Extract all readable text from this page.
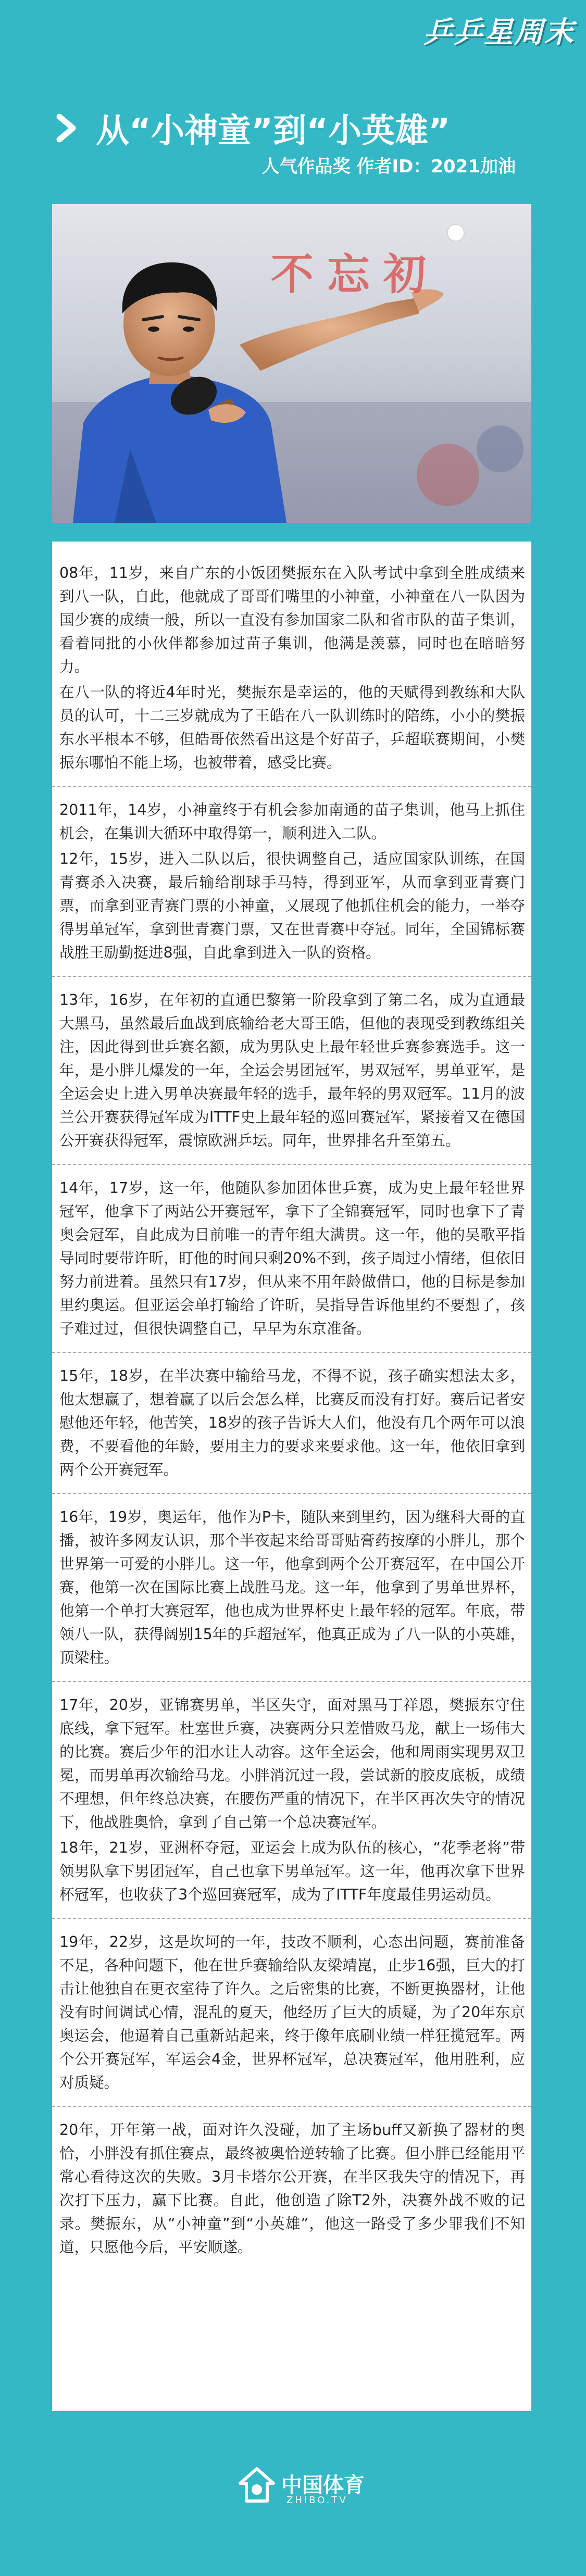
乒乒星周末
从“小神童”到“小英雄”
人气作品奖 作者ID：2021加油
不忘初

08年，11岁，来自广东的小饭团樊振东在入队考试中拿到全胜成绩来到八一队，自此，他就成了哥哥们嘴里的小神童，小神童在八一队因为国少赛的成绩一般，所以一直没有参加国家二队和省市队的苗子集训，看着同批的小伙伴都参加过苗子集训，他满是羡慕，同时也在暗暗努力。

在八一队的将近4年时光，樊振东是幸运的，他的天赋得到教练和大队员的认可，十二三岁就成为了王皓在八一队训练时的陪练，小小的樊振东水平根本不够，但皓哥依然看出这是个好苗子，乒超联赛期间，小樊振东哪怕不能上场，也被带着，感受比赛。

2011年，14岁，小神童终于有机会参加南通的苗子集训，他马上抓住机会，在集训大循环中取得第一，顺利进入二队。

12年，15岁，进入二队以后，很快调整自己，适应国家队训练，在国青赛杀入决赛，最后输给削球手马特，得到亚军，从而拿到亚青赛门票，而拿到亚青赛门票的小神童，又展现了他抓住机会的能力，一举夺得男单冠军，拿到世青赛门票，又在世青赛中夺冠。同年，全国锦标赛战胜王励勤挺进8强，自此拿到进入一队的资格。

13年，16岁，在年初的直通巴黎第一阶段拿到了第二名，成为直通最大黑马，虽然最后血战到底输给老大哥王皓，但他的表现受到教练组关注，因此得到世乒赛名额，成为男队史上最年轻世乒赛参赛选手。这一年，是小胖儿爆发的一年，全运会男团冠军，男双冠军，男单亚军，是全运会史上进入男单决赛最年轻的选手，最年轻的男双冠军。11月的波兰公开赛获得冠军成为ITTF史上最年轻的巡回赛冠军，紧接着又在德国公开赛获得冠军，震惊欧洲乒坛。同年，世界排名升至第五。

14年，17岁，这一年，他随队参加团体世乒赛，成为史上最年轻世界冠军，他拿下了两站公开赛冠军，拿下了全锦赛冠军，同时也拿下了青奥会冠军，自此成为目前唯一的青年组大满贯。这一年，他的吴歌平指导同时要带许昕，盯他的时间只剩20%不到，孩子周过小情绪，但依旧努力前进着。虽然只有17岁，但从来不用年龄做借口，他的目标是参加里约奥运。但亚运会单打输给了许昕，吴指导告诉他里约不要想了，孩子难过过，但很快调整自己，早早为东京准备。

15年，18岁，在半决赛中输给马龙，不得不说，孩子确实想法太多，他太想赢了，想着赢了以后会怎么样，比赛反而没有打好。赛后记者安慰他还年轻，他苦笑，18岁的孩子告诉大人们，他没有几个两年可以浪费，不要看他的年龄，要用主力的要求来要求他。这一年，他依旧拿到两个公开赛冠军。

16年，19岁，奥运年，他作为P卡，随队来到里约，因为继科大哥的直播，被许多网友认识，那个半夜起来给哥哥贴膏药按摩的小胖儿，那个世界第一可爱的小胖儿。这一年，他拿到两个公开赛冠军，在中国公开赛，他第一次在国际比赛上战胜马龙。这一年，他拿到了男单世界杯，他第一个单打大赛冠军，他也成为世界杯史上最年轻的冠军。年底，带领八一队，获得阔别15年的乒超冠军，他真正成为了八一队的小英雄，顶梁柱。

17年，20岁，亚锦赛男单，半区失守，面对黑马丁祥恩，樊振东守住底线，拿下冠军。杜塞世乒赛，决赛两分只差惜败马龙，献上一场伟大的比赛。赛后少年的泪水让人动容。这年全运会，他和周雨实现男双卫冕，而男单再次输给马龙。小胖消沉过一段，尝试新的胶皮底板，成绩不理想，但年终总决赛，在腰伤严重的情况下，在半区再次失守的情况下，他战胜奥恰，拿到了自己第一个总决赛冠军。

18年，21岁，亚洲杯夺冠，亚运会上成为队伍的核心，“花季老将”带领男队拿下男团冠军，自己也拿下男单冠军。这一年，他再次拿下世界杯冠军，也收获了3个巡回赛冠军，成为了ITTF年度最佳男运动员。

19年，22岁，这是坎坷的一年，技改不顺利，心态出问题，赛前准备不足，各种问题下，他在世乒赛输给队友梁靖崑，止步16强，巨大的打击让他独自在更衣室待了许久。之后密集的比赛，不断更换器材，让他没有时间调试心情，混乱的夏天，他经历了巨大的质疑，为了20年东京奥运会，他逼着自己重新站起来，终于像年底刷业绩一样狂揽冠军。两个公开赛冠军，军运会4金，世界杯冠军，总决赛冠军，他用胜利，应对质疑。

20年，开年第一战，面对许久没碰，加了主场buff又新换了器材的奥恰，小胖没有抓住赛点，最终被奥恰逆转输了比赛。但小胖已经能用平常心看待这次的失败。3月卡塔尔公开赛，在半区我失守的情况下，再次打下压力，赢下比赛。自此，他创造了除T2外，决赛外战不败的记录。樊振东，从“小神童”到“小英雄”，他这一路受了多少罪我们不知道，只愿他今后，平安顺遂。

中国体育
ZHIBO.TV
